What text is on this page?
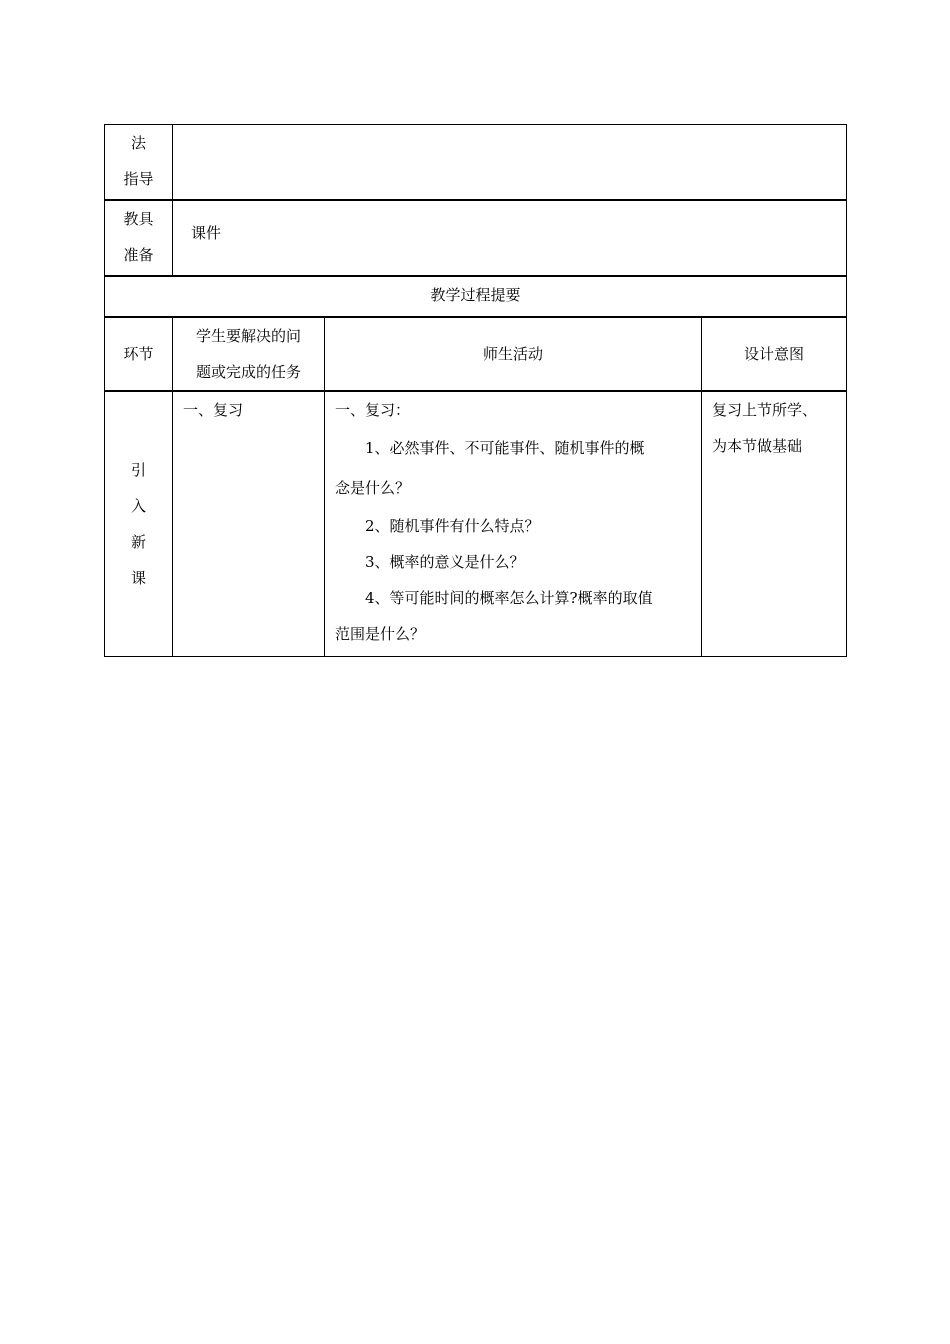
法
指导
教具
准备
课件
教学过程提要
环节
学生要解决的问
题或完成的任务
师生活动	设计意图
引
入
新
课
一、复习	一、复习：

1、必然事件、不可能事件、随机事件的概

念是什么？

2、随机事件有什么特点？

3、概率的意义是什么？

4、等可能时间的概率怎么计算?概率的取值

范围是什么？

复习上节所学、
为本节做基础
